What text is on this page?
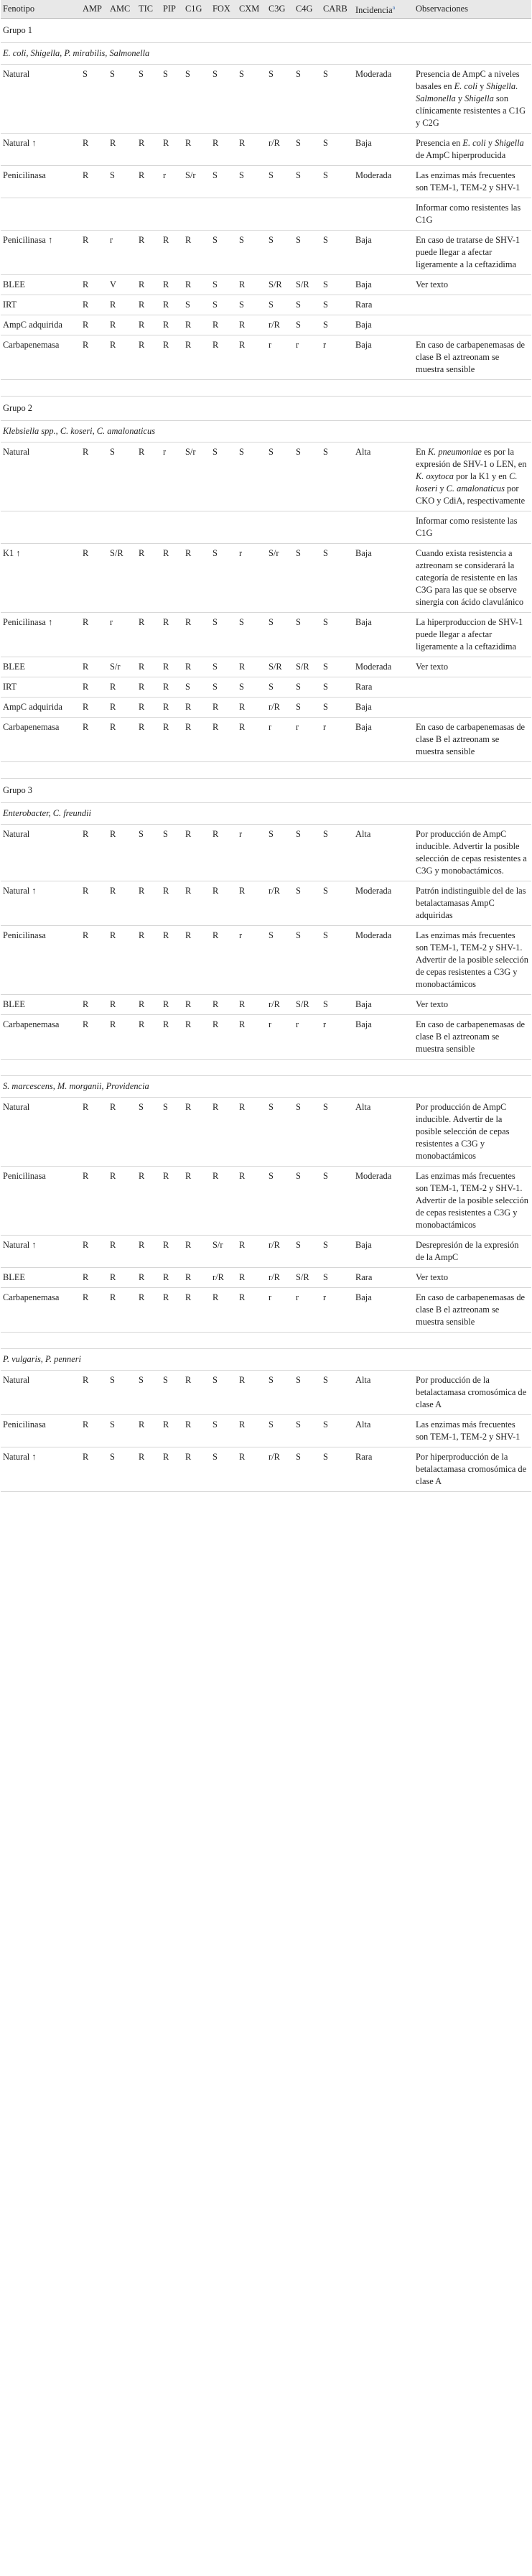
Fenotipo	AMP	AMC	TIC	PIP	C1G	FOX	CXM	C3G	C4G	CARB	Incidencia$^a$	Observaciones
Grupo 1												
E. coli, Shigella, P. mirabilis, Salmonella												
Natural	S	S	S	S	S	S	S	S	S	S	Moderada	Presencia de AmpC a niveles basales en E. coli y Shigella. Salmonella y Shigella son clínicamente resistentes a C1G y C2G
Natural ↑	R	R	R	R	R	R	R	r/R	S	S	Baja	Presencia en E. coli y Shigella de AmpC hiperproducida
Penicilinasa	R	S	R	r	S/r	S	S	S	S	S	Moderada	Las enzimas más frecuentes son TEM-1, TEM-2 y SHV-1
												Informar como resistentes las C1G
Penicilinasa ↑	R	r	R	R	R	S	S	S	S	S	Baja	En caso de tratarse de SHV-1 puede llegar a afectar ligeramente a la ceftazidima
BLEE	R	V	R	R	R	S	R	S/R	S/R	S	Baja	Ver texto
IRT	R	R	R	R	S	S	S	S	S	S	Rara	
AmpC adquirida	R	R	R	R	R	R	R	r/R	S	S	Baja	
Carbapenemasa	R	R	R	R	R	R	R	r	r	r	Baja	En caso de carbapenemasas de clase B el aztreonam se muestra sensible

Grupo 2												
Klebsiella spp., C. koseri, C. amalonaticus												
Natural	R	S	R	r	S/r	S	S	S	S	S	Alta	En K. pneumoniae es por la expresión de SHV-1 o LEN, en K. oxytoca por la K1 y en C. koseri y C. amalonaticus por CKO y CdiA, respectivamente
												Informar como resistente las C1G
K1 ↑	R	S/R	R	R	R	S	r	S/r	S	S	Baja	Cuando exista resistencia a aztreonam se considerará la categoría de resistente en las C3G para las que se observe sinergia con ácido clavulánico
Penicilinasa ↑	R	r	R	R	R	S	S	S	S	S	Baja	La hiperproduccion de SHV-1 puede llegar a afectar ligeramente a la ceftazidima
BLEE	R	S/r	R	R	R	S	R	S/R	S/R	S	Moderada	Ver texto
IRT	R	R	R	R	S	S	S	S	S	S	Rara	
AmpC adquirida	R	R	R	R	R	R	R	r/R	S	S	Baja	
Carbapenemasa	R	R	R	R	R	R	R	r	r	r	Baja	En caso de carbapenemasas de clase B el aztreonam se muestra sensible

Grupo 3												
Enterobacter, C. freundii												
Natural	R	R	S	S	R	R	r	S	S	S	Alta	Por producción de AmpC inducible. Advertir la posible selección de cepas resistentes a C3G y monobactámicos.
Natural ↑	R	R	R	R	R	R	R	r/R	S	S	Moderada	Patrón indistinguible del de las betalactamasas AmpC adquiridas
Penicilinasa	R	R	R	R	R	R	r	S	S	S	Moderada	Las enzimas más frecuentes son TEM-1, TEM-2 y SHV-1. Advertir de la posible selección de cepas resistentes a C3G y monobactámicos
BLEE	R	R	R	R	R	R	R	r/R	S/R	S	Baja	Ver texto
Carbapenemasa	R	R	R	R	R	R	R	r	r	r	Baja	En caso de carbapenemasas de clase B el aztreonam se muestra sensible

S. marcescens, M. morganii, Providencia												
Natural	R	R	S	S	R	R	R	S	S	S	Alta	Por producción de AmpC inducible. Advertir de la posible selección de cepas resistentes a C3G y monobactámicos
Penicilinasa	R	R	R	R	R	R	R	S	S	S	Moderada	Las enzimas más frecuentes son TEM-1, TEM-2 y SHV-1. Advertir de la posible selección de cepas resistentes a C3G y monobactámicos
Natural ↑	R	R	R	R	R	S/r	R	r/R	S	S	Baja	Desrepresión de la expresión de la AmpC
BLEE	R	R	R	R	R	r/R	R	r/R	S/R	S	Rara	Ver texto
Carbapenemasa	R	R	R	R	R	R	R	r	r	r	Baja	En caso de carbapenemasas de clase B el aztreonam se muestra sensible

P. vulgaris, P. penneri												
Natural	R	S	S	S	R	S	R	S	S	S	Alta	Por producción de la betalactamasa cromosómica de clase A
Penicilinasa	R	S	R	R	R	S	R	S	S	S	Alta	Las enzimas más frecuentes son TEM-1, TEM-2 y SHV-1
Natural ↑	R	S	R	R	R	S	R	r/R	S	S	Rara	Por hiperproducción de la betalactamasa cromosómica de clase A
